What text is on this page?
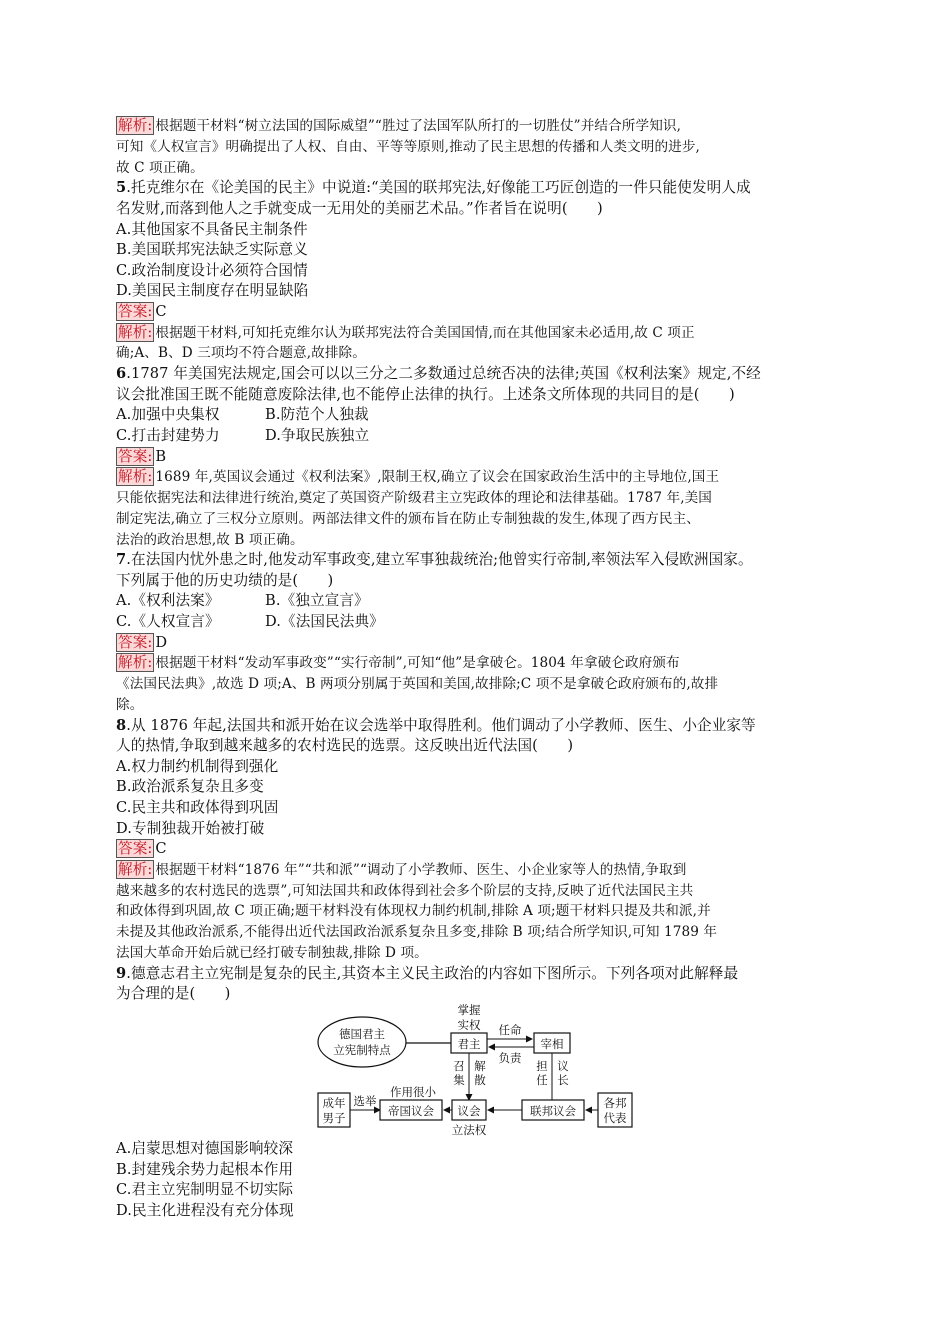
解析: 根据题干材料“树立法国的国际威望”“胜过了法国军队所打的一切胜仗”并结合所学知识,
可知《人权宣言》明确提出了人权、自由、平等等原则,推动了民主思想的传播和人类文明的进步,
故 C 项正确。
5.托克维尔在《论美国的民主》中说道:“美国的联邦宪法,好像能工巧匠创造的一件只能使发明人成
名发财,而落到他人之手就变成一无用处的美丽艺术品。”作者旨在说明(　　)
A.其他国家不具备民主制条件
B.美国联邦宪法缺乏实际意义
C.政治制度设计必须符合国情
D.美国民主制度存在明显缺陷
答案: C
解析: 根据题干材料,可知托克维尔认为联邦宪法符合美国国情,而在其他国家未必适用,故 C 项正
确;A、B、D 三项均不符合题意,故排除。
6.1787 年美国宪法规定,国会可以以三分之二多数通过总统否决的法律;英国《权利法案》规定,不经
议会批准国王既不能随意废除法律,也不能停止法律的执行。上述条文所体现的共同目的是(　　)
A.加强中央集权	B.防范个人独裁
C.打击封建势力	D.争取民族独立
答案: B
解析: 1689 年,英国议会通过《权利法案》,限制王权,确立了议会在国家政治生活中的主导地位,国王
只能依据宪法和法律进行统治,奠定了英国资产阶级君主立宪政体的理论和法律基础。1787 年,美国
制定宪法,确立了三权分立原则。两部法律文件的颁布旨在防止专制独裁的发生,体现了西方民主、
法治的政治思想,故 B 项正确。
7.在法国内忧外患之时,他发动军事政变,建立军事独裁统治;他曾实行帝制,率领法军入侵欧洲国家。
下列属于他的历史功绩的是(　　)
A.《权利法案》	B.《独立宣言》
C.《人权宣言》	D.《法国民法典》
答案: D
解析: 根据题干材料“发动军事政变”“实行帝制”,可知“他”是拿破仑。1804 年拿破仑政府颁布
《法国民法典》,故选 D 项;A、B 两项分别属于英国和美国,故排除;C 项不是拿破仑政府颁布的,故排
除。
8.从 1876 年起,法国共和派开始在议会选举中取得胜利。他们调动了小学教师、医生、小企业家等
人的热情,争取到越来越多的农村选民的选票。这反映出近代法国(　　)
A.权力制约机制得到强化
B.政治派系复杂且多变
C.民主共和政体得到巩固
D.专制独裁开始被打破
答案: C
解析: 根据题干材料“1876 年”“共和派”“调动了小学教师、医生、小企业家等人的热情,争取到
越来越多的农村选民的选票”,可知法国共和政体得到社会多个阶层的支持,反映了近代法国民主共
和政体得到巩固,故 C 项正确;题干材料没有体现权力制约机制,排除 A 项;题干材料只提及共和派,并
未提及其他政治派系,不能得出近代法国政治派系复杂且多变,排除 B 项;结合所学知识,可知 1789 年
法国大革命开始后就已经打破专制独裁,排除 D 项。
9.德意志君主立宪制是复杂的民主,其资本主义民主政治的内容如下图所示。下列各项对此解释最
为合理的是(　　)
德国君主
立宪制特点
掌握
实权
君主	宰相
任命
负责
召
集
解
散
担
任
议
长
成年
男子
选举
作用很小
帝国议会 议会
立法权
联邦议会
各邦
代表
A.启蒙思想对德国影响较深
B.封建残余势力起根本作用
C.君主立宪制明显不切实际
D.民主化进程没有充分体现
